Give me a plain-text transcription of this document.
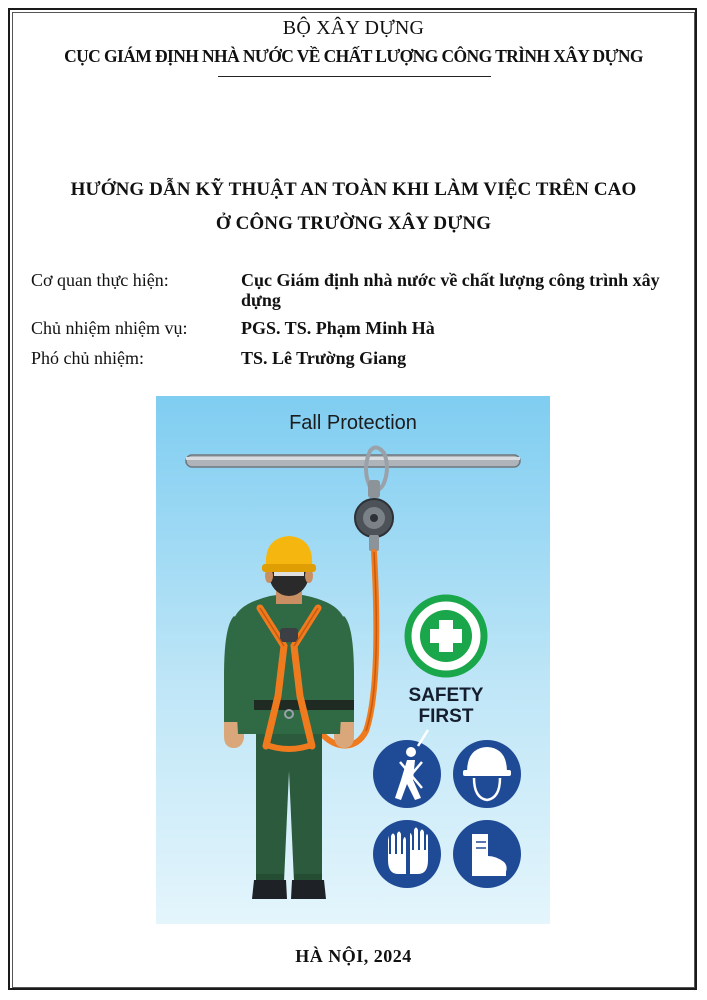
BỘ XÂY DỰNG
CỤC GIÁM ĐỊNH NHÀ NƯỚC VỀ CHẤT LƯỢNG CÔNG TRÌNH XÂY DỰNG
HƯỚNG DẪN KỸ THUẬT AN TOÀN KHI LÀM VIỆC TRÊN CAO
Ở CÔNG TRƯỜNG XÂY DỰNG
Cơ quan thực hiện:	Cục Giám định nhà nước về chất lượng công trình xây dựng
Chủ nhiệm nhiệm vụ:	PGS. TS. Phạm Minh Hà
Phó chủ nhiệm:	TS. Lê Trường Giang
Fall Protection
SAFETY
FIRST
HÀ NỘI, 2024
